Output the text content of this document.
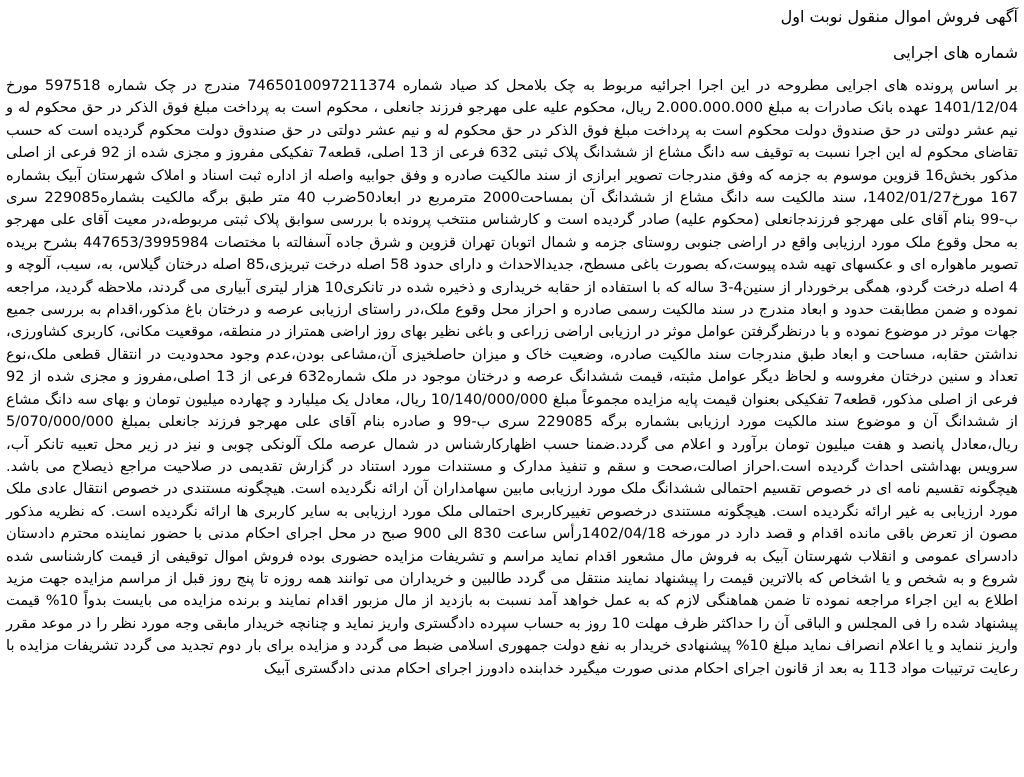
آگهی فروش اموال منقول نوبت اول
شماره های اجرایی

بر اساس پرونده های اجرایی مطروحه در این اجرا اجرائیه مربوط به چک بلامحل کد صیاد شماره 7465010097211374 مندرج در چک شماره 597518 مورخ 1401/12/04 عهده بانک صادرات به مبلغ 2.000.000.000 ریال، محکوم علیه علی مهرجو فرزند جانعلی ، محکوم است به پرداخت مبلغ فوق الذکر در حق محکوم له و نیم عشر دولتی در حق صندوق دولت محکوم است به پرداخت مبلغ فوق الذکر در حق محکوم له و نیم عشر دولتی در حق صندوق دولت محکوم گردیده است که حسب تقاضای محکوم له این اجرا نسبت به توقیف سه دانگ مشاع از ششدانگ پلاک ثبتی 632 فرعی از 13 اصلی، قطعه7 تفکیکی مفروز و مجزی شده از 92 فرعی از اصلی مذکور بخش16 قزوین موسوم به جزمه که وفق مندرجات تصویر ابرازی از سند مالکیت صادره و وفق جوابیه واصله از اداره ثبت اسناد و املاک شهرستان آبیک بشماره 167 مورخ1402/01/27، سند مالکیت سه دانگ مشاع از ششدانگ آن بمساحت2000 مترمربع در ابعاد50ضرب 40 متر طبق برگه مالکیت بشماره229085 سری ب-99 بنام آقای علی مهرجو فرزندجانعلی (محکوم علیه) صادر گردیده است و کارشناس منتخب پرونده با بررسی سوابق پلاک ثبتی مربوطه،در معیت آقای علی مهرجو به محل وقوع ملک مورد ارزیابی واقع در اراضی جنوبی روستای جزمه و شمال اتوبان تهران قزوین و شرق جاده آسفالته با مختصات 447653/3995984 بشرح بریده تصویر ماهواره ای و عکسهای تهیه شده پیوست،که بصورت باغی مسطح، جدیدالاحداث و دارای حدود 58 اصله درخت تبریزی،85 اصله درختان گیلاس، به، سیب، آلوچه و 4 اصله درخت گردو، همگی برخوردار از سنین4-3 ساله که با استفاده از حقابه خریداری و ذخیره شده در تانکری10 هزار لیتری آبیاری می گردند، ملاحظه گردید، مراجعه نموده و ضمن مطابقت حدود و ابعاد مندرج در سند مالکیت رسمی صادره و احراز محل وقوع ملک،در راستای ارزیابی عرصه و درختان باغ مذکور،اقدام به بررسی جمیع جهات موثر در موضوع نموده و با درنظرگرفتن عوامل موثر در ارزیابی اراضی زراعی و باغی نظیر بهای روز اراضی همتراز در منطقه، موقعیت مکانی، کاربری کشاورزی، نداشتن حقابه، مساحت و ابعاد طبق مندرجات سند مالکیت صادره، وضعیت خاک و میزان حاصلخیزی آن،مشاعی بودن،عدم وجود محدودیت در انتقال قطعی ملک،نوع تعداد و سنین درختان مغروسه و لحاظ دیگر عوامل مثبته، قیمت ششدانگ عرصه و درختان موجود در ملک شماره632 فرعی از 13 اصلی،مفروز و مجزی شده از 92 فرعی از اصلی مذکور، قطعه7 تفکیکی بعنوان قیمت پایه مزایده مجموعاً مبلغ 10/140/000/000 ریال، معادل یک میلیارد و چهارده میلیون تومان و بهای سه دانگ مشاع از ششدانگ آن و موضوع سند مالکیت مورد ارزیابی بشماره برگه 229085 سری ب-99 و صادره بنام آقای علی مهرجو فرزند جانعلی بمبلغ 5/070/000/000 ریال،معادل پانصد و هفت میلیون تومان برآورد و اعلام می گردد.ضمنا حسب اظهارکارشناس در شمال عرصه ملک آلونکی چوبی و نیز در زیر محل تعبیه تانکر آب، سرویس بهداشتی احداث گردیده است.احراز اصالت،صحت و سقم و تنفیذ مدارک و مستندات مورد استناد در گزارش تقدیمی در صلاحیت مراجع ذیصلاح می باشد. هیچگونه تقسیم نامه ای در خصوص تقسیم احتمالی ششدانگ ملک مورد ارزیابی مابین سهامداران آن ارائه نگردیده است. هیچگونه مستندی در خصوص انتقال عادی ملک مورد ارزیابی به غیر ارائه نگردیده است. هیچگونه مستندی درخصوص تغییرکاربری احتمالی ملک مورد ارزیابی به سایر کاربری ها ارائه نگردیده است. که نظریه مذکور مصون از تعرض باقی مانده اقدام و قصد دارد در مورخه 1402/04/18رأس ساعت 830 الی 900 صبح در محل اجرای احکام مدنی با حضور نماینده محترم دادستان دادسرای عمومی و انقلاب شهرستان آبیک به فروش مال مشعور اقدام نماید مراسم و تشریفات مزایده حضوری بوده فروش اموال توقیفی از قیمت کارشناسی شده شروع و به شخص و یا اشخاص که بالاترین قیمت را پیشنهاد نمایند منتقل می گردد طالبین و خریداران می توانند همه روزه تا پنج روز قبل از مراسم مزایده جهت مزید اطلاع به این اجراء مراجعه نموده تا ضمن هماهنگی لازم که به عمل خواهد آمد نسبت به بازدید از مال مزبور اقدام نمایند و برنده مزایده می بایست بدواً 10% قیمت پیشنهاد شده را فی المجلس و الباقی آن را حداکثر ظرف مهلت 10 روز به حساب سپرده دادگستری واریز نماید و چنانچه خریدار مابقی وجه مورد نظر را در موعد مقرر واریز ننماید و یا اعلام انصراف نماید مبلغ 10% پیشنهادی خریدار به نفع دولت جمهوری اسلامی ضبط می گردد و مزایده برای بار دوم تجدید می گردد تشریفات مزایده با رعایت ترتیبات مواد 113 به بعد از قانون اجرای احکام مدنی صورت میگیرد خدابنده دادورز اجرای احکام مدنی دادگستری آبیک
